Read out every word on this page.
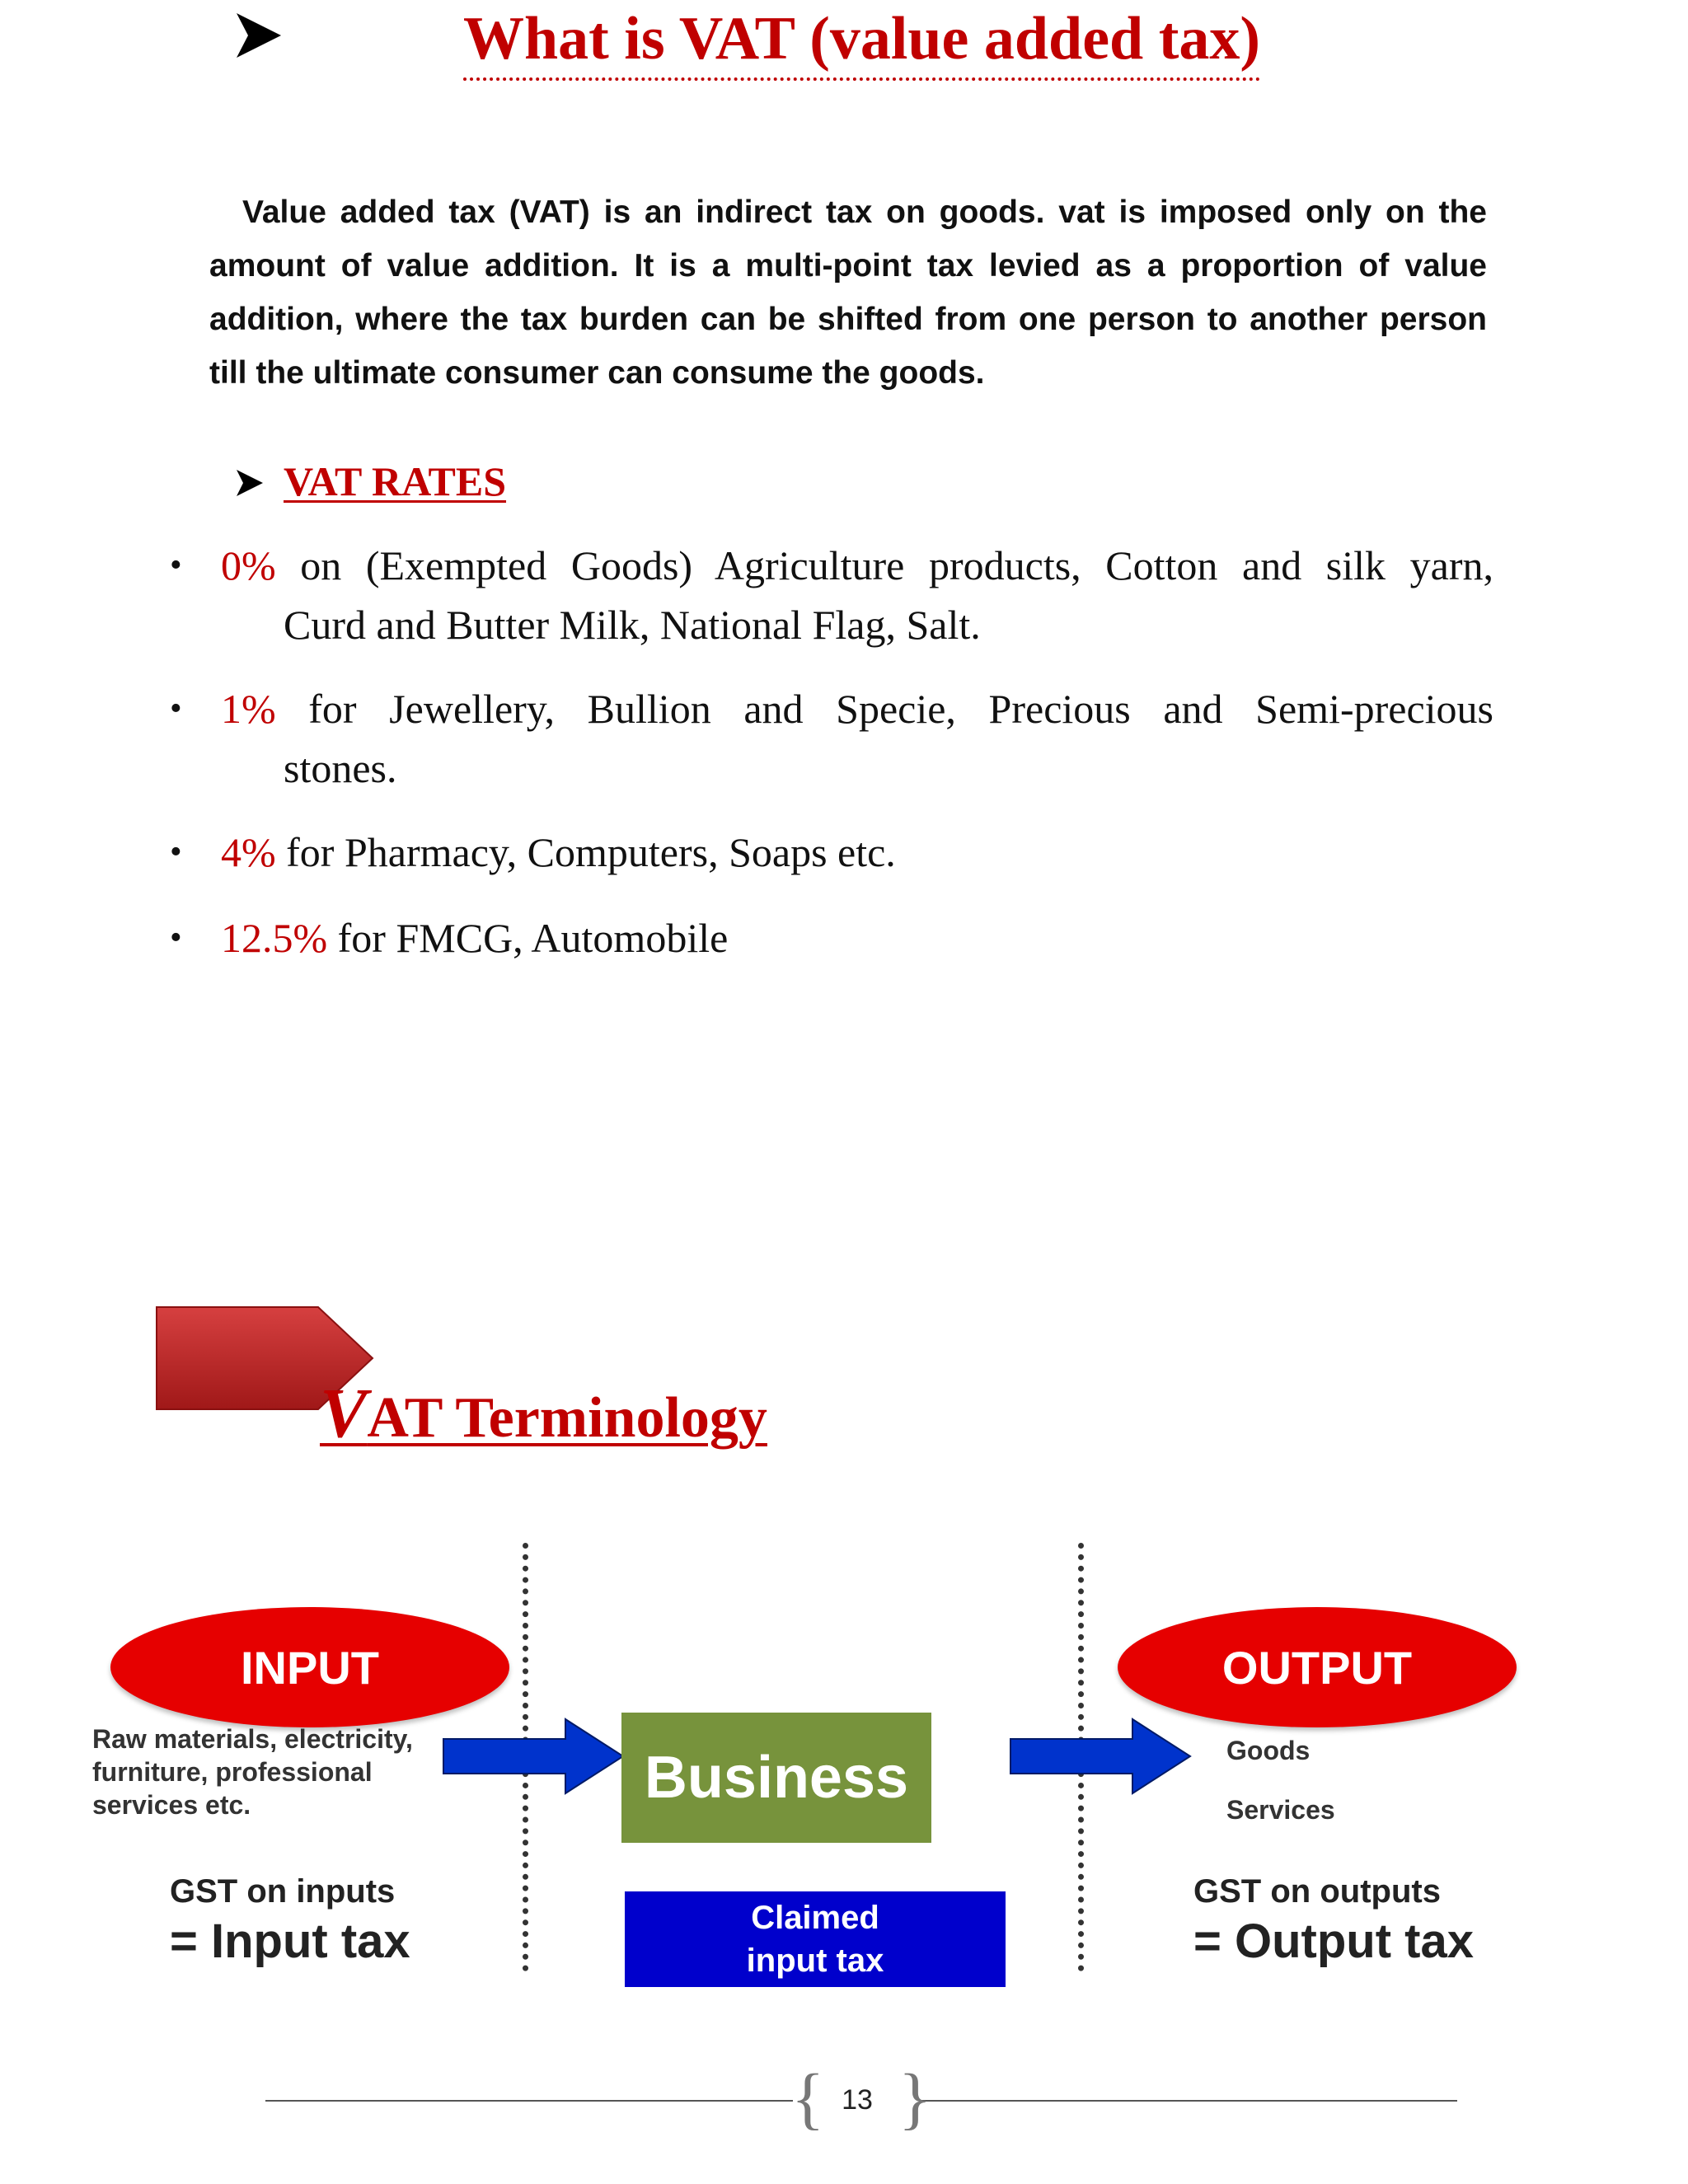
What is VAT (value added tax)

Value added tax (VAT) is an indirect tax on goods. vat is imposed only on the amount of value addition. It is a multi-point tax levied as a proportion of value addition, where the tax burden can be shifted from one person to another person till the ultimate consumer can consume the goods.

VAT RATES
• 0% on (Exempted Goods) Agriculture products, Cotton and silk yarn,
Curd and Butter Milk, National Flag, Salt.
• 1% for Jewellery, Bullion and Specie, Precious and Semi-precious
stones.
• 4% for Pharmacy, Computers, Soaps etc.
• 12.5% for FMCG, Automobile
VAT Terminology
INPUT	OUTPUT
Raw materials, electricity,
furniture, professional
services etc.	Business	Goods
Services
GST on inputs
= Input tax	Claimed
input tax
GST on outputs
= Output tax
{ }
13
